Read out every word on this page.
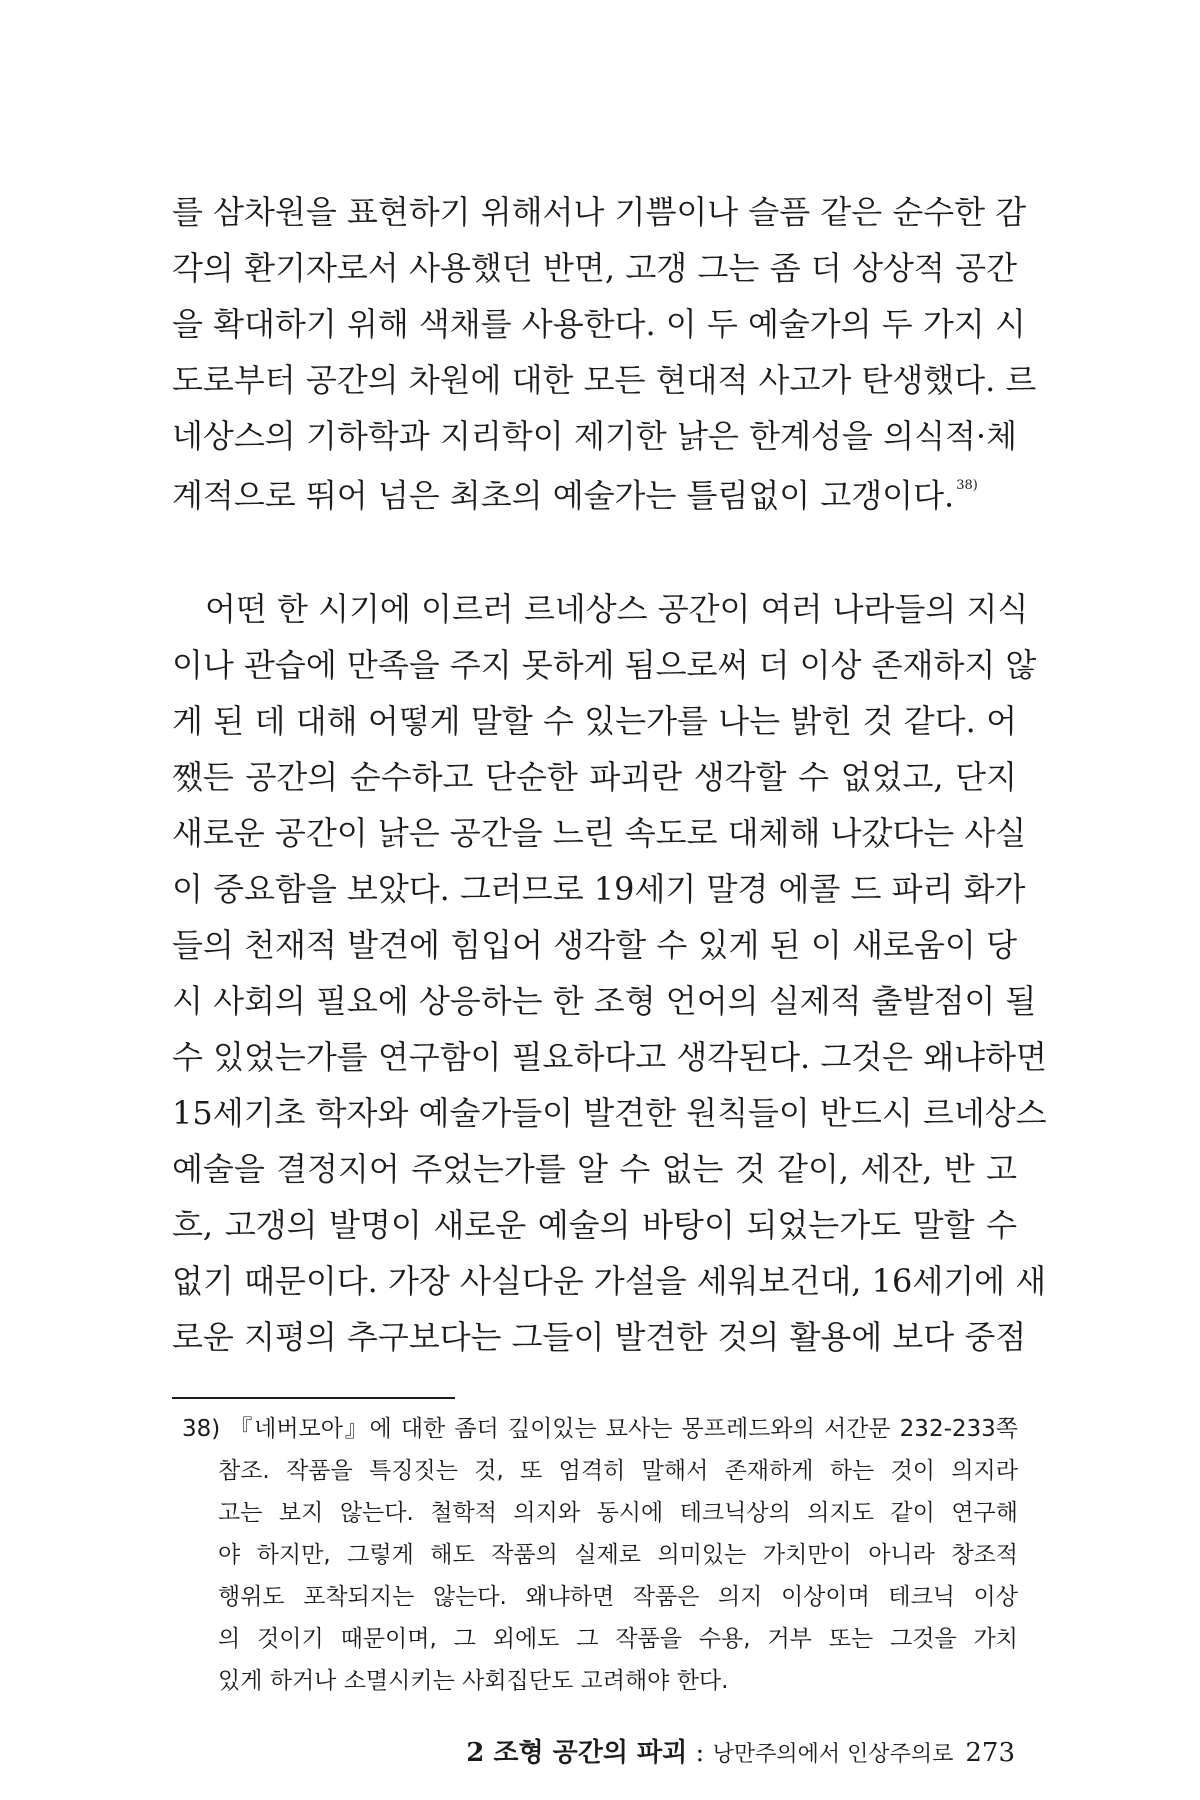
를 삼차원을 표현하기 위해서나 기쁨이나 슬픔 같은 순수한 감
각의 환기자로서 사용했던 반면, 고갱 그는 좀 더 상상적 공간
을 확대하기 위해 색채를 사용한다. 이 두 예술가의 두 가지 시
도로부터 공간의 차원에 대한 모든 현대적 사고가 탄생했다. 르
네상스의 기하학과 지리학이 제기한 낡은 한계성을 의식적·체
계적으로 뛰어 넘은 최초의 예술가는 틀림없이 고갱이다. $^{38)}$
어떤 한 시기에 이르러 르네상스 공간이 여러 나라들의 지식
이나 관습에 만족을 주지 못하게 됨으로써 더 이상 존재하지 않
게 된 데 대해 어떻게 말할 수 있는가를 나는 밝힌 것 같다. 어
쨌든 공간의 순수하고 단순한 파괴란 생각할 수 없었고, 단지
새로운 공간이 낡은 공간을 느린 속도로 대체해 나갔다는 사실
이 중요함을 보았다. 그러므로 19세기 말경 에콜 드 파리 화가
들의 천재적 발견에 힘입어 생각할 수 있게 된 이 새로움이 당
시 사회의 필요에 상응하는 한 조형 언어의 실제적 출발점이 될
수 있었는가를 연구함이 필요하다고 생각된다. 그것은 왜냐하면
15세기초 학자와 예술가들이 발견한 원칙들이 반드시 르네상스
예술을 결정지어 주었는가를 알 수 없는 것 같이, 세잔, 반 고
흐, 고갱의 발명이 새로운 예술의 바탕이 되었는가도 말할 수
없기 때문이다. 가장 사실다운 가설을 세워보건대, 16세기에 새
로운 지평의 추구보다는 그들이 발견한 것의 활용에 보다 중점
38) 『네버모아』에 대한 좀더 깊이있는 묘사는 몽프레드와의 서간문 232-233쪽
참조. 작품을 특징짓는 것, 또 엄격히 말해서 존재하게 하는 것이 의지라
고는 보지 않는다. 철학적 의지와 동시에 테크닉상의 의지도 같이 연구해
야 하지만, 그렇게 해도 작품의 실제로 의미있는 가치만이 아니라 창조적
행위도 포착되지는 않는다. 왜냐하면 작품은 의지 이상이며 테크닉 이상
의 것이기 때문이며, 그 외에도 그 작품을 수용, 거부 또는 그것을 가치
있게 하거나 소멸시키는 사회집단도 고려해야 한다.
2 조형 공간의 파괴 : 낭만주의에서 인상주의로 273
